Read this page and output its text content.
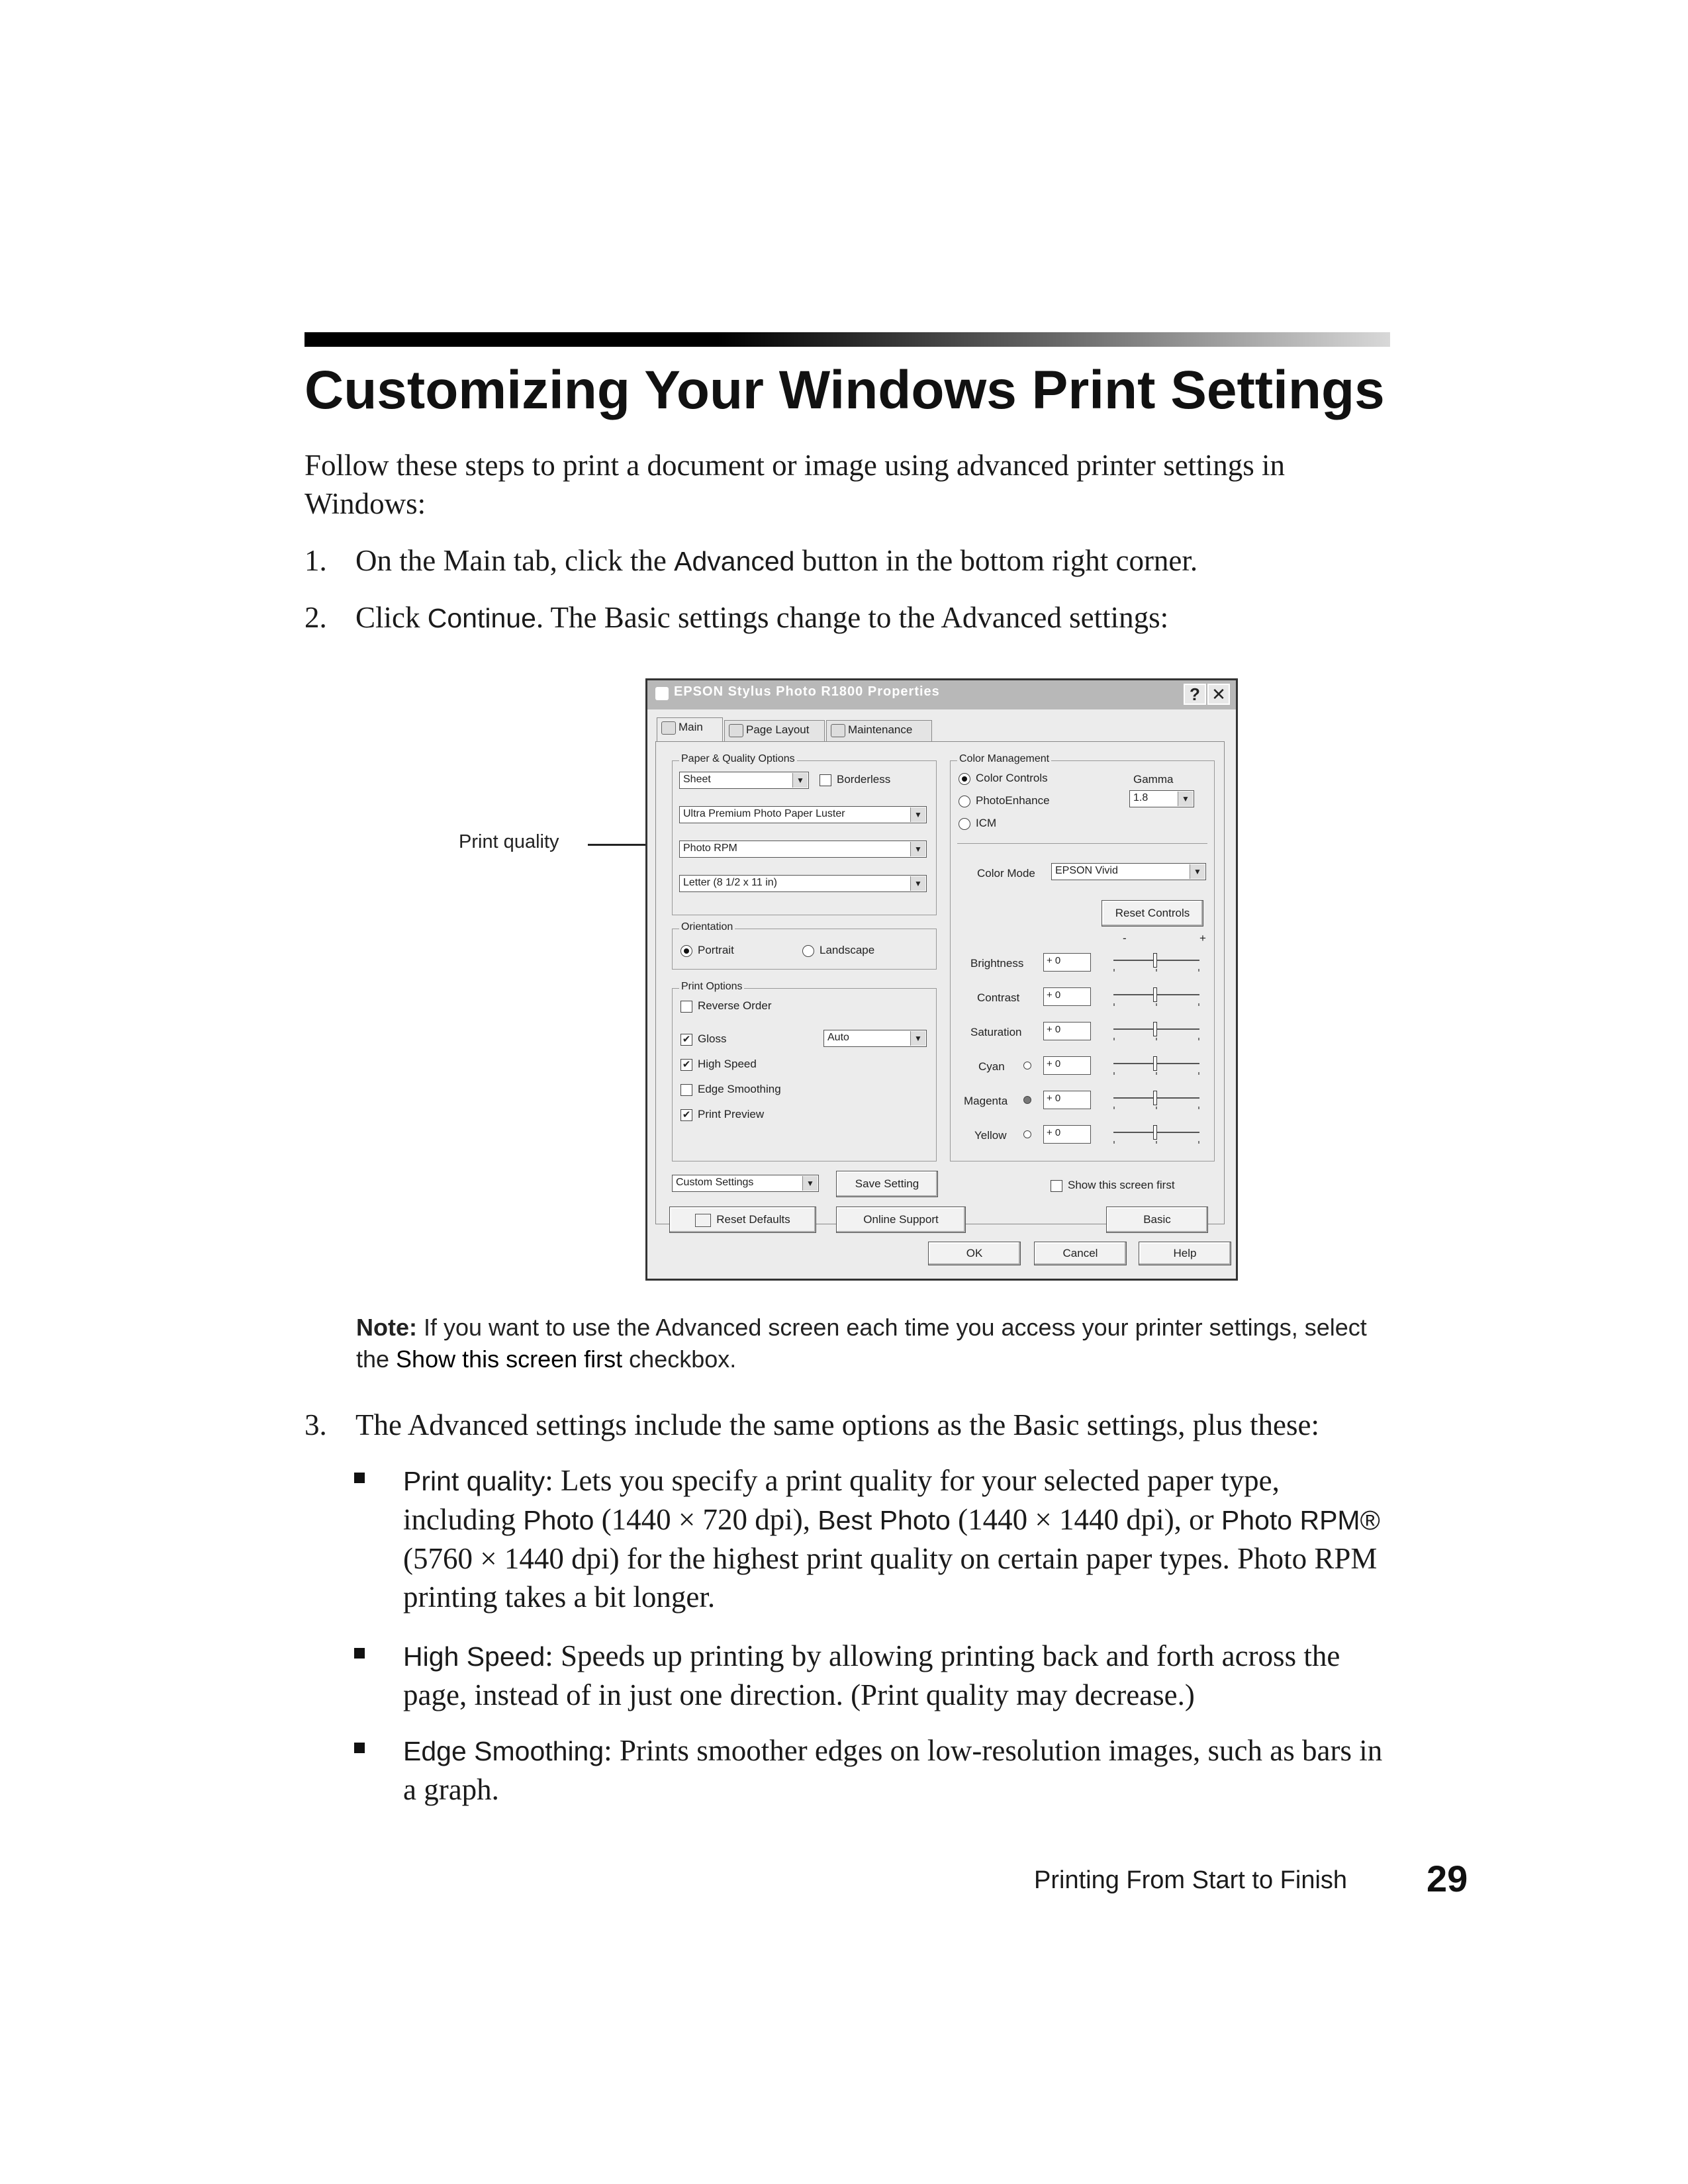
Customizing Your Windows Print Settings

Follow these steps to print a document or image using advanced printer settings in Windows:

1. On the Main tab, click the Advanced button in the bottom right corner.

2. Click Continue. The Basic settings change to the Advanced settings:

Print quality
EPSON Stylus Photo R1800 Properties	? ✕
Main	Page Layout	Maintenance
Paper & Quality Options
Sheet	▼	Borderless
Ultra Premium Photo Paper Luster	▼
Photo RPM	▼
Letter (8 1/2 x 11 in)	▼
Orientation
Portrait	Landscape
Print Options
Reverse Order
✔ Gloss	Auto	▼
✔ High Speed
Edge Smoothing
✔ Print Preview
Custom Settings	▼
Color Management
Color Controls
PhotoEnhance
ICM
Gamma
1.8	▼
Color Mode	EPSON Vivid	▼
Reset Controls
-	+
Brightness	+ 0
Contrast	+ 0
Saturation	+ 0
Cyan	+ 0
Magenta	+ 0
Yellow	+ 0
Save Setting	Show this screen first
Reset Defaults	Online Support	Basic
OK	Cancel	Help

Note: If you want to use the Advanced screen each time you access your printer settings, select the Show this screen first checkbox.

3. The Advanced settings include the same options as the Basic settings, plus these:

Print quality: Lets you specify a print quality for your selected paper type, including Photo (1440 × 720 dpi), Best Photo (1440 × 1440 dpi), or Photo RPM® (5760 × 1440 dpi) for the highest print quality on certain paper types. Photo RPM printing takes a bit longer.

High Speed: Speeds up printing by allowing printing back and forth across the page, instead of in just one direction. (Print quality may decrease.)

Edge Smoothing: Prints smoother edges on low-resolution images, such as bars in a graph.

Printing From Start to Finish 29
